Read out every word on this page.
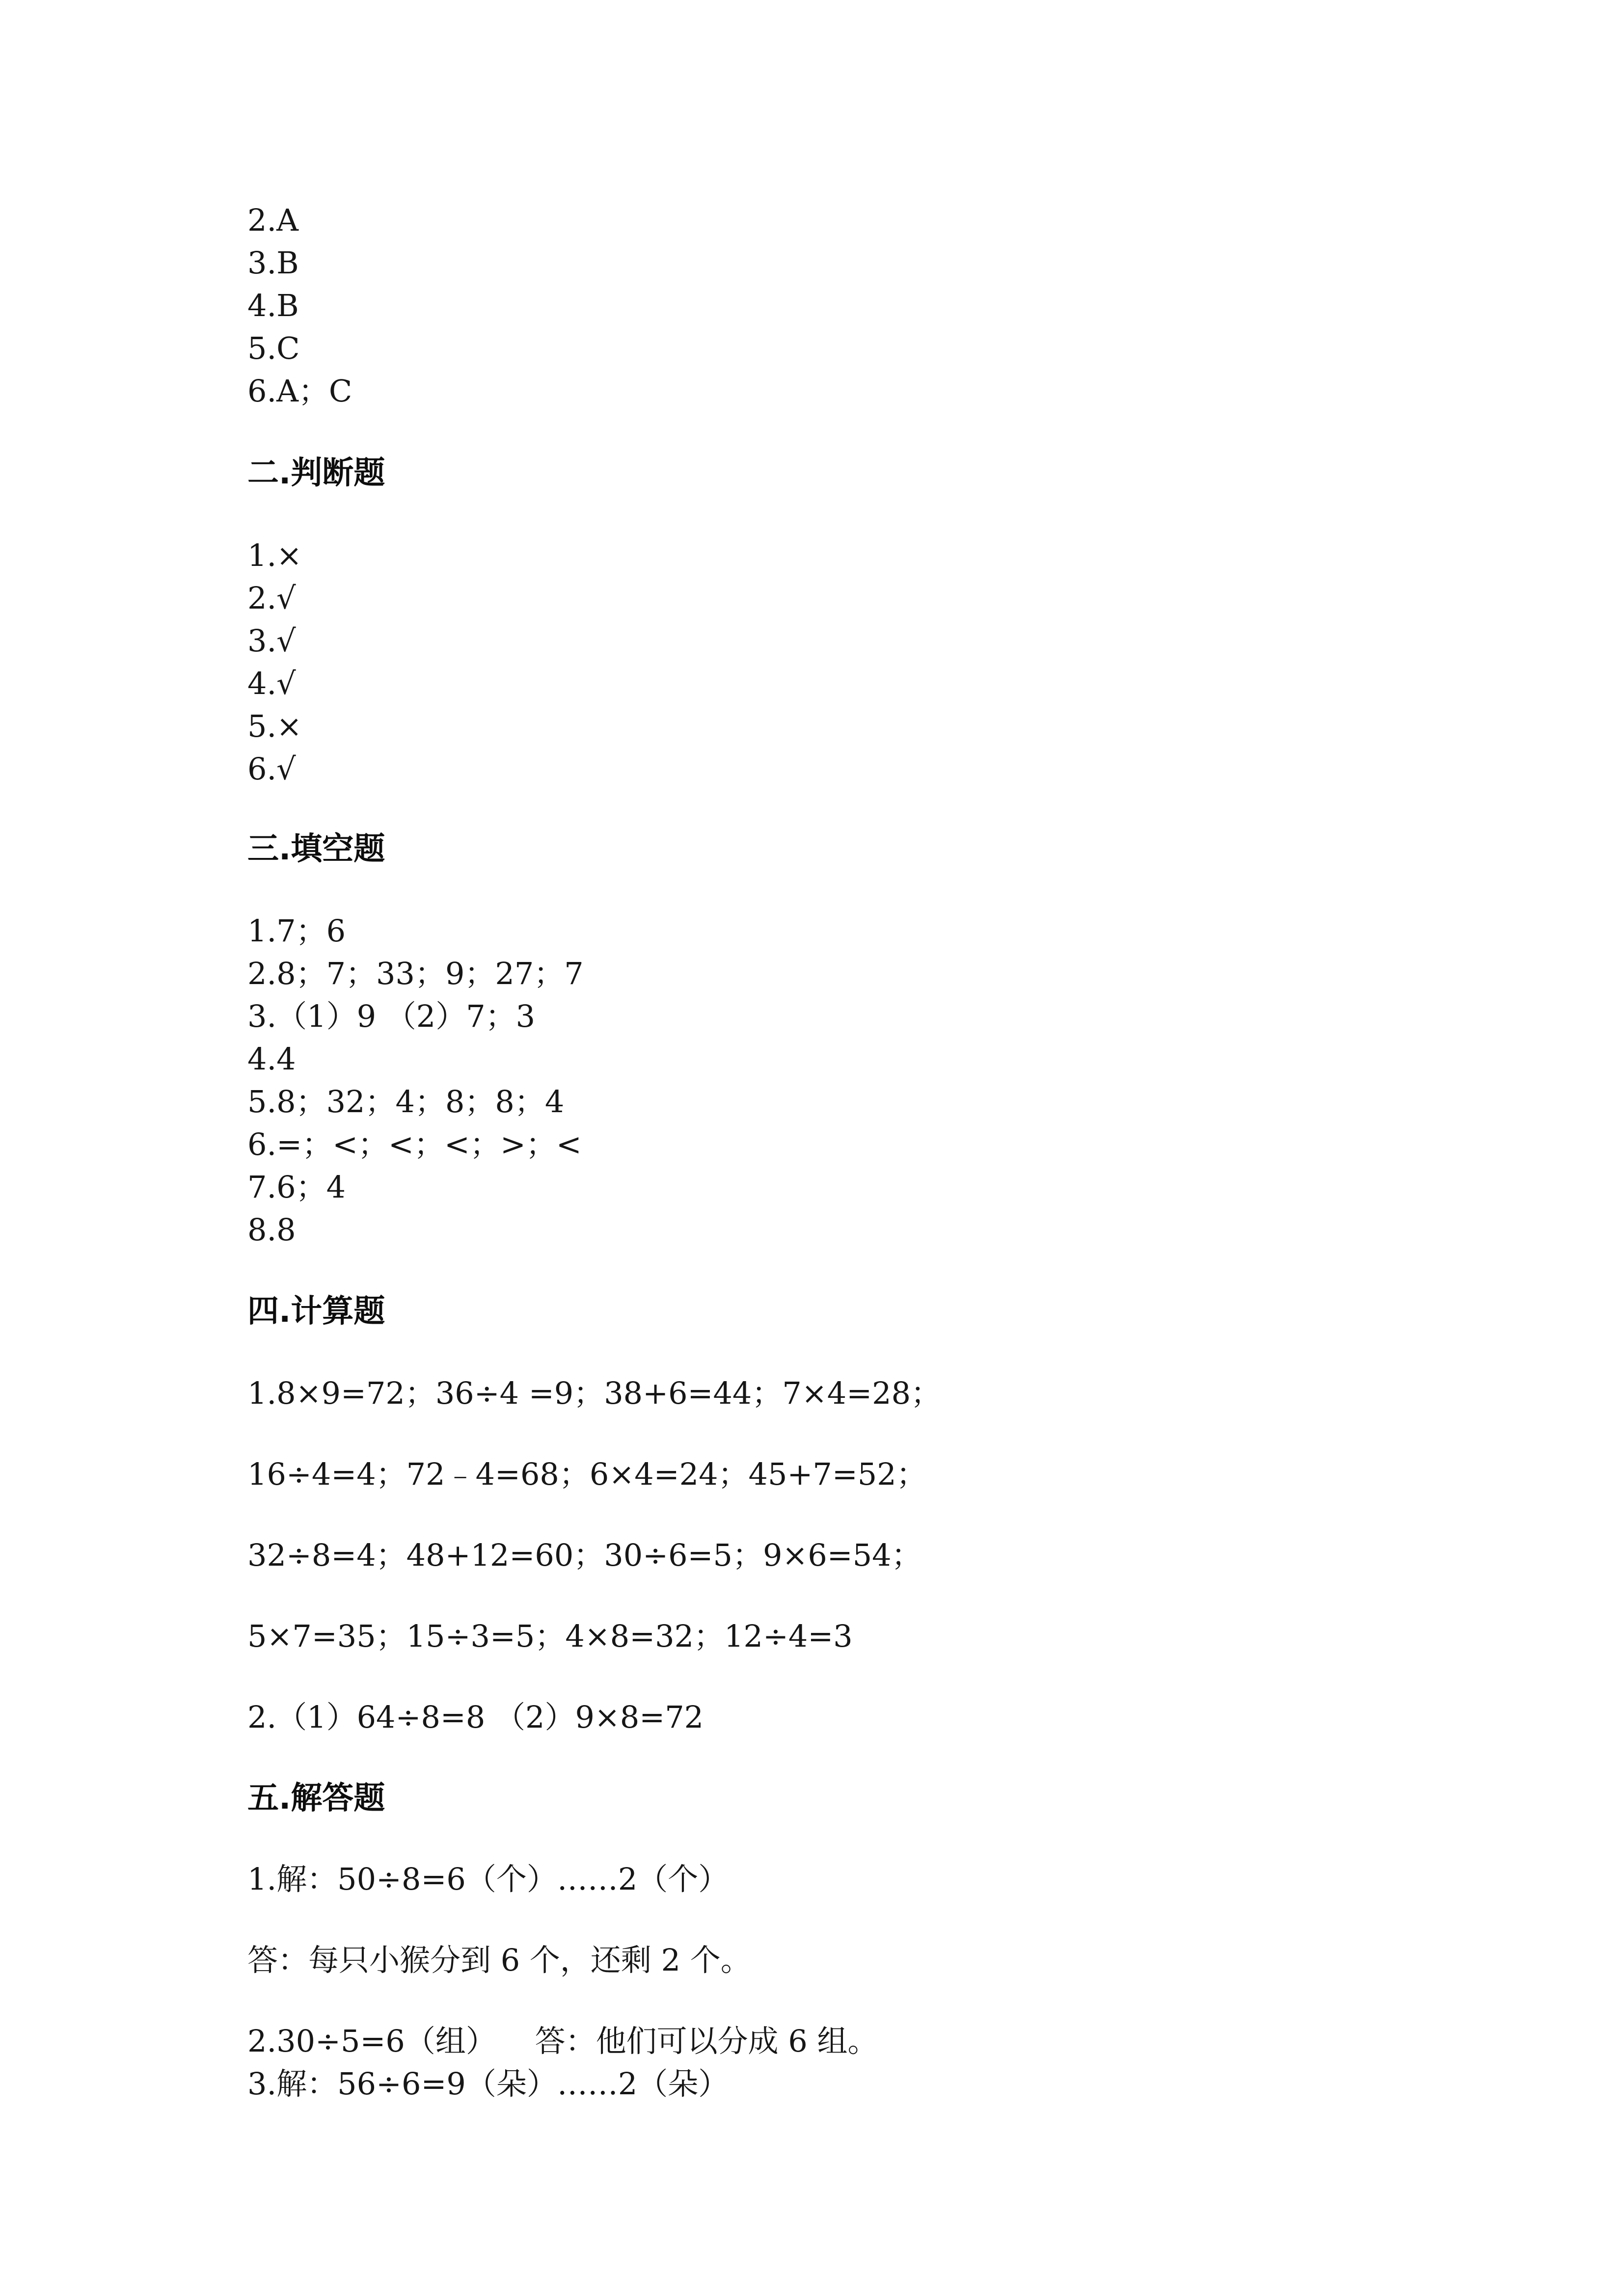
2.A
3.B
4.B
5.C
6.A；C
二.判断题
1.×
2.√
3.√
4.√
5.×
6.√
三.填空题
1.7；6
2.8；7；33；9；27；7
3.（1）9 （2）7；3
4.4
5.8；32；4；8；8；4
6.=；<；<；<；>；<
7.6；4
8.8
四.计算题
1.8×9=72；36÷4 =9；38+6=44；7×4=28；
16÷4=4；72﹣4=68；6×4=24；45+7=52；
32÷8=4；48+12=60；30÷6=5；9×6=54；
5×7=35；15÷3=5；4×8=32；12÷4=3
2.（1）64÷8=8 （2）9×8=72
五.解答题
1.解：50÷8=6（个）……2（个）
答：每只小猴分到 6 个，还剩 2 个。
2.30÷5=6（组）    答：他们可以分成 6 组。
3.解：56÷6=9（朵）……2（朵）
